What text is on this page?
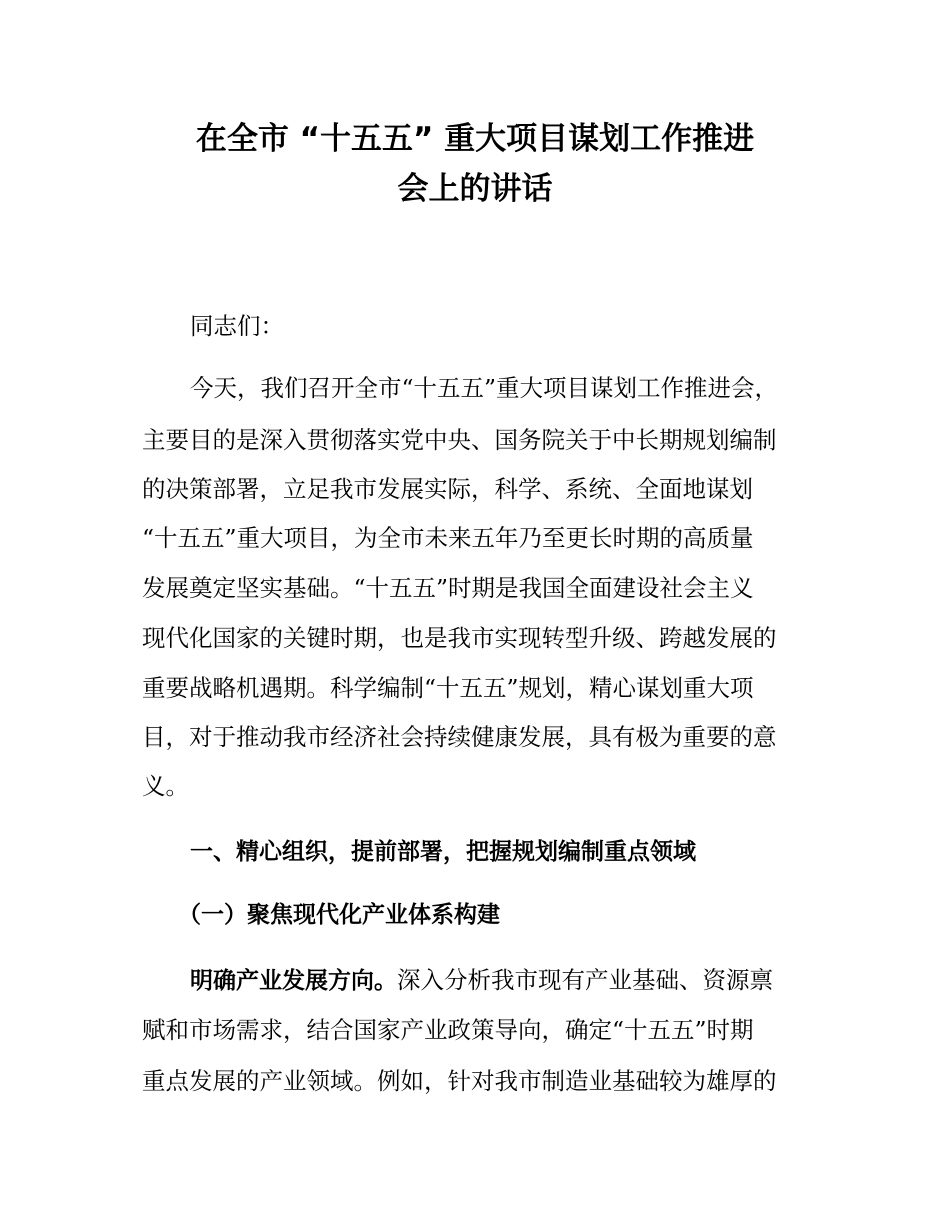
在全市 “十五五” 重大项目谋划工作推进
会上的讲话

同志们：

今天，我们召开全市“十五五”重大项目谋划工作推进会，

主要目的是深入贯彻落实党中央、国务院关于中长期规划编制

的决策部署，立足我市发展实际，科学、系统、全面地谋划

“十五五”重大项目，为全市未来五年乃至更长时期的高质量

发展奠定坚实基础。“十五五”时期是我国全面建设社会主义

现代化国家的关键时期，也是我市实现转型升级、跨越发展的

重要战略机遇期。科学编制“十五五”规划，精心谋划重大项

目，对于推动我市经济社会持续健康发展，具有极为重要的意

义。

一、精心组织，提前部署，把握规划编制重点领域

（一）聚焦现代化产业体系构建

明确产业发展方向。深入分析我市现有产业基础、资源禀

赋和市场需求，结合国家产业政策导向，确定“十五五”时期

重点发展的产业领域。例如，针对我市制造业基础较为雄厚的
